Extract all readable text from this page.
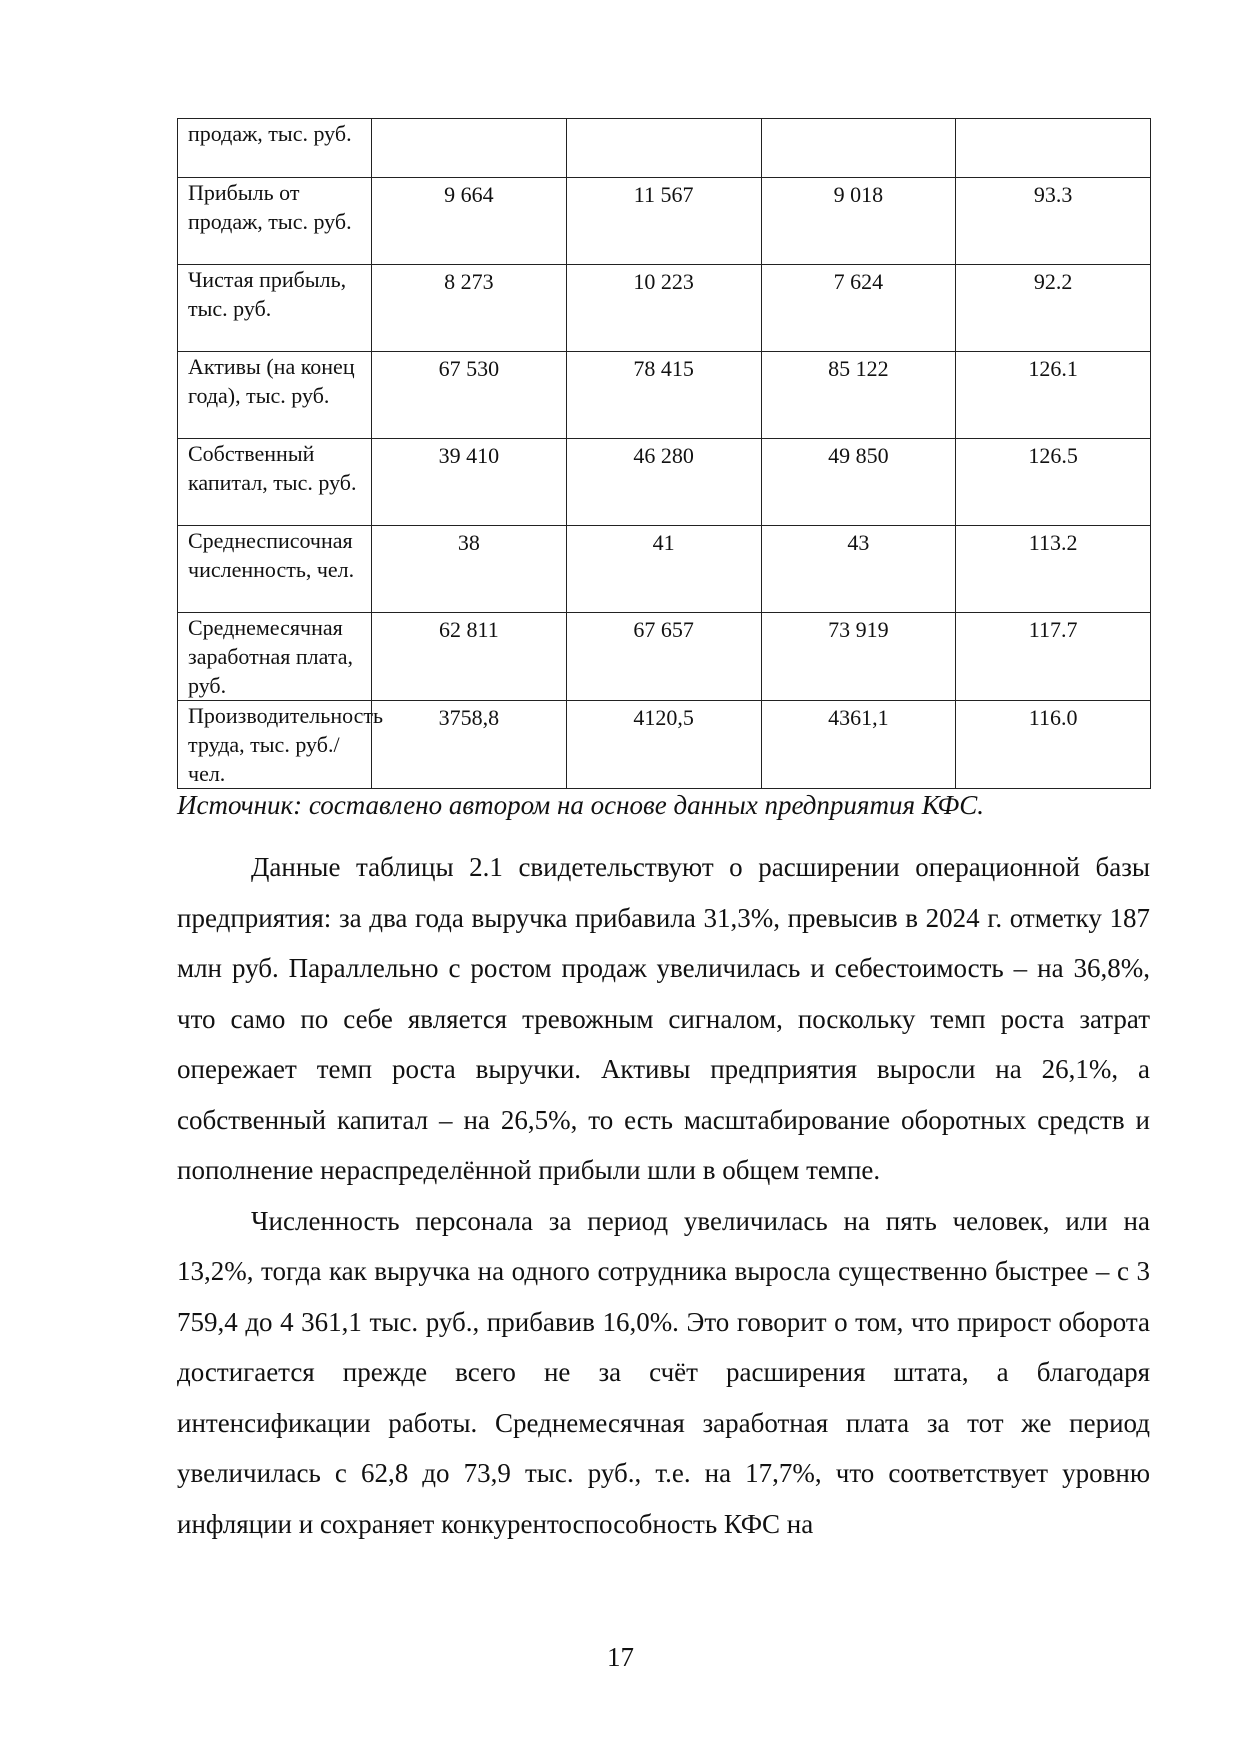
продаж, тыс. руб.				
Прибыль от продаж, тыс. руб.	9 664	11 567	9 018	93.3
Чистая прибыль, тыс. руб.	8 273	10 223	7 624	92.2
Активы (на конец года), тыс. руб.	67 530	78 415	85 122	126.1
Собственный капитал, тыс. руб.	39 410	46 280	49 850	126.5
Среднесписочная численность, чел.	38	41	43	113.2
Среднемесячная заработная плата, руб.	62 811	67 657	73 919	117.7
Производительность труда, тыс. руб./чел.	3758,8	4120,5	4361,1	116.0
Источник: составлено автором на основе данных предприятия КФС.

Данные таблицы 2.1 свидетельствуют о расширении операционной базы предприятия: за два года выручка прибавила 31,3%, превысив в 2024 г. отметку 187 млн руб. Параллельно с ростом продаж увеличилась и себестоимость – на 36,8%, что само по себе является тревожным сигналом, поскольку темп роста затрат опережает темп роста выручки. Активы предприятия выросли на 26,1%, а собственный капитал – на 26,5%, то есть масштабирование оборотных средств и пополнение нераспределённой прибыли шли в общем темпе.

Численность персонала за период увеличилась на пять человек, или на 13,2%, тогда как выручка на одного сотрудника выросла существенно быстрее – с 3 759,4 до 4 361,1 тыс. руб., прибавив 16,0%. Это говорит о том, что прирост оборота достигается прежде всего не за счёт расширения штата, а благодаря интенсификации работы. Среднемесячная заработная плата за тот же период увеличилась с 62,8 до 73,9 тыс. руб., т.е. на 17,7%, что соответствует уровню инфляции и сохраняет конкурентоспособность КФС на

17
